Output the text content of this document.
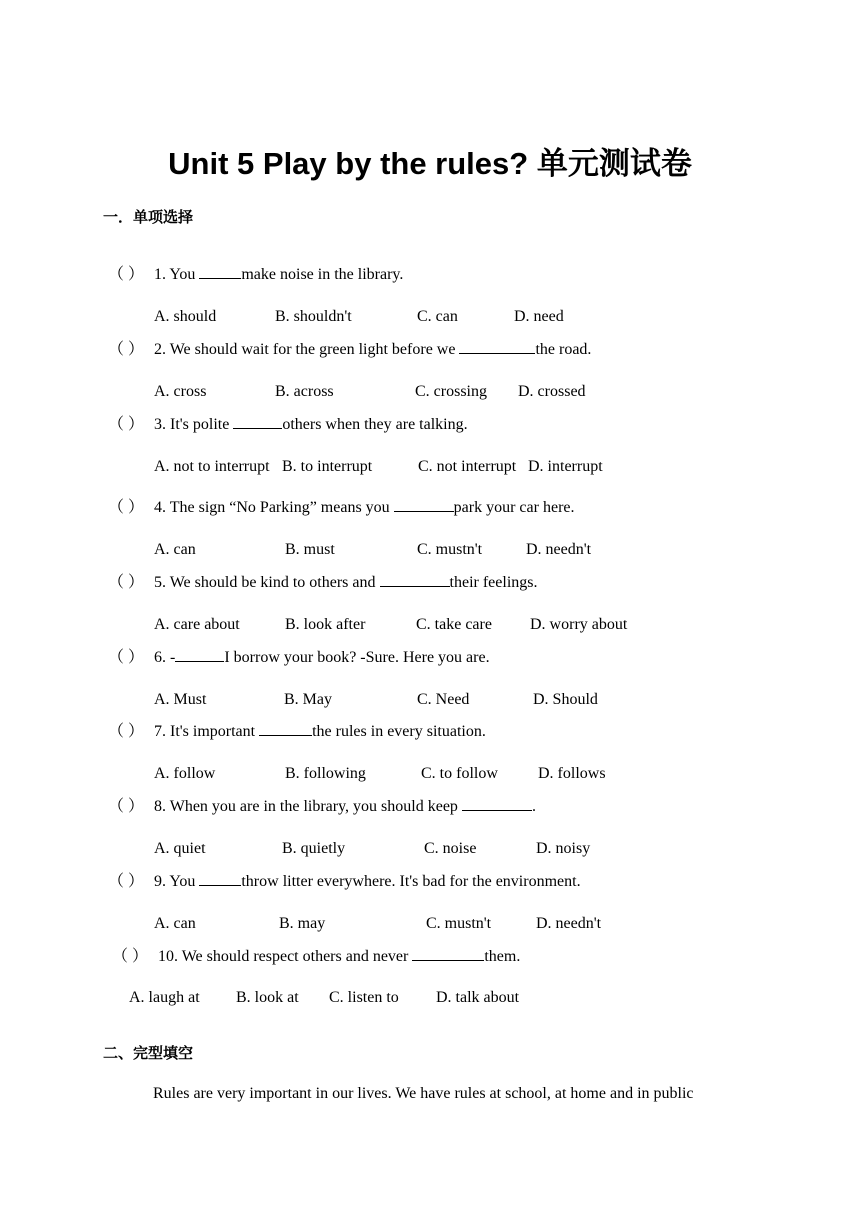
Unit 5 Play by the rules? 单元测试卷
一．单项选择
（ ） 1. You	make noise in the library.
A. should	B. shouldn't	C. can	D. need
（ ） 2. We should wait for the green light before we	the road.
A. cross	B. across	C. crossing D. crossed
（ ） 3. It's polite	others when they are talking.
A. not to interrupt B. to interrupt	C. not interrupt D. interrupt
（ ） 4. The sign “No Parking” means you	park your car here.
A. can	B. must	C. mustn't	D. needn't
（ ） 5. We should be kind to others and	their feelings.
A. care about	B. look after	C. take care D. worry about
（ ） 6. -	I borrow your book? -Sure. Here you are.
A. Must	B. May	C. Need	D. Should
（ ） 7. It's important	the rules in every situation.
A. follow	B. following	C. to follow	D. follows
（ ） 8. When you are in the library, you should keep	.
A. quiet	B. quietly	C. noise	D. noisy
（ ） 9. You	throw litter everywhere. It's bad for the environment.
A. can	B. may	C. mustn't	D. needn't
（ ） 10. We should respect others and never	them.
A. laugh at B. look at C. listen to D. talk about
二、完型填空
Rules are very important in our lives. We have rules at school, at home and in public
